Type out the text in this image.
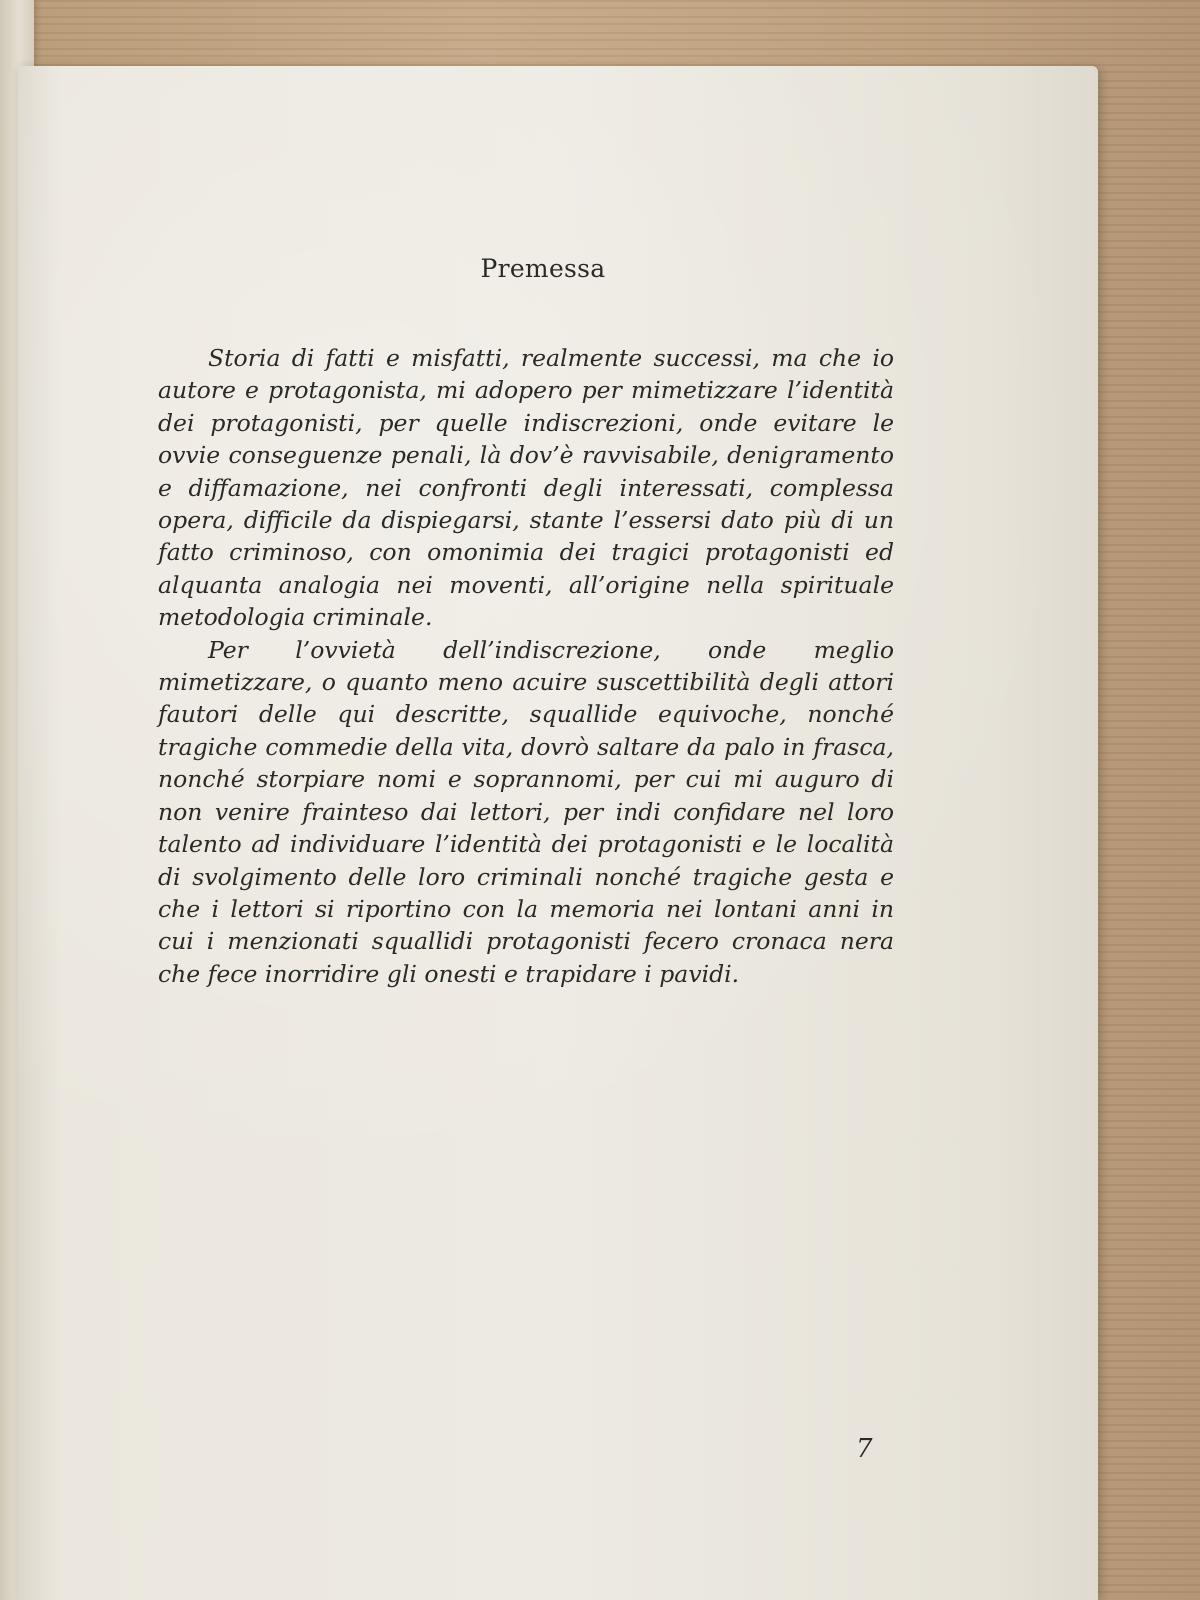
Premessa

Storia di fatti e misfatti, realmente successi, ma che io autore e protagonista, mi adopero per mimetizzare l’identità dei protagonisti, per quelle indiscrezioni, onde evitare le ovvie conseguenze penali, là dov’è ravvisabile, denigramento e diffamazione, nei confronti degli interessati, complessa opera, difficile da dispiegarsi, stante l’essersi dato più di un fatto criminoso, con omonimia dei tragici protagonisti ed alquanta analogia nei moventi, all’origine nella spirituale metodologia criminale.

Per l’ovvietà dell’indiscrezione, onde meglio mimetizzare, o quanto meno acuire suscettibilità degli attori fautori delle qui descritte, squallide equivoche, nonché tragiche commedie della vita, dovrò saltare da palo in frasca, nonché storpiare nomi e soprannomi, per cui mi auguro di non venire frainteso dai lettori, per indi confidare nel loro talento ad individuare l’identità dei protagonisti e le località di svolgimento delle loro criminali nonché tragiche gesta e che i lettori si riportino con la memoria nei lontani anni in cui i menzionati squallidi protagonisti fecero cronaca nera che fece inorridire gli onesti e trapidare i pavidi.

7
